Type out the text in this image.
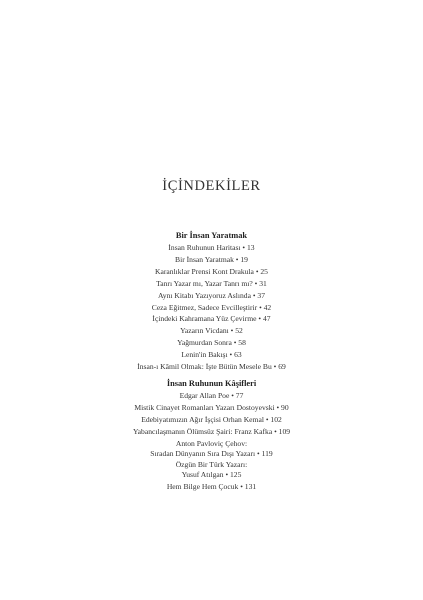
İÇİNDEKİLER
Bir İnsan Yaratmak
İnsan Ruhunun Haritası • 13
Bir İnsan Yaratmak • 19
Karanlıklar Prensi Kont Drakula • 25
Tanrı Yazar mı, Yazar Tanrı mı? • 31
Aynı Kitabı Yazıyoruz Aslında • 37
Ceza Eğitmez, Sadece Evcilleştirir • 42
İçindeki Kahramana Yüz Çevirme • 47
Yazarın Vicdanı • 52
Yağmurdan Sonra • 58
Lenin'in Bakışı • 63
İnsan-ı Kâmil Olmak: İşte Bütün Mesele Bu • 69
İnsan Ruhunun Kâşifleri
Edgar Allan Poe • 77
Mistik Cinayet Romanları Yazarı Dostoyevski • 90
Edebiyatımızın Ağır İşçisi Orhan Kemal • 102
Yabancılaşmanın Ölümsüz Şairi: Franz Kafka • 109
Anton Pavloviç Çehov:
Sıradan Dünyanın Sıra Dışı Yazarı • 119
Özgün Bir Türk Yazarı:
Yusuf Atılgan • 125
Hem Bilge Hem Çocuk • 131
